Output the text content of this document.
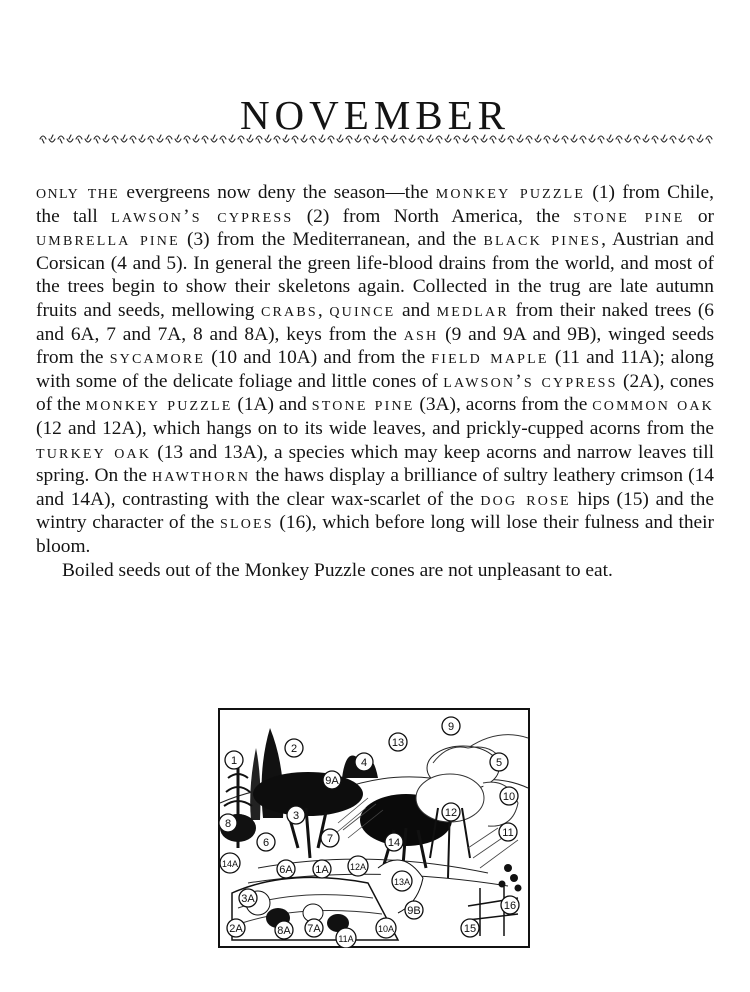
NOVEMBER

only the evergreens now deny the season—the monkey puzzle (1) from Chile, the tall lawson’s cypress (2) from North America, the stone pine or umbrella pine (3) from the Mediterranean, and the black pines, Austrian and Corsican (4 and 5). In general the green life-blood drains from the world, and most of the trees begin to show their skeletons again. Collected in the trug are late autumn fruits and seeds, mellowing crabs, quince and medlar from their naked trees (6 and 6A, 7 and 7A, 8 and 8A), keys from the ash (9 and 9A and 9B), winged seeds from the sycamore (10 and 10A) and from the field maple (11 and 11A); along with some of the delicate foliage and little cones of lawson’s cypress (2A), cones of the monkey puzzle (1A) and stone pine (3A), acorns from the common oak (12 and 12A), which hangs on to its wide leaves, and prickly-cupped acorns from the turkey oak (13 and 13A), a species which may keep acorns and narrow leaves till spring. On the hawthorn the haws display a brilliance of sultry leathery crimson (14 and 14A), contrasting with the clear wax-scarlet of the dog rose hips (15) and the wintry character of the sloes (16), which before long will lose their fulness and their bloom.

Boiled seeds out of the Monkey Puzzle cones are not unpleasant to eat.

1
2
3
4	5
6	7
8
9
10
11
12
13
14
15
16
9A
14A	6A 1A 12A
13A
3A
9B
2A	8A 7A
11A
10A
